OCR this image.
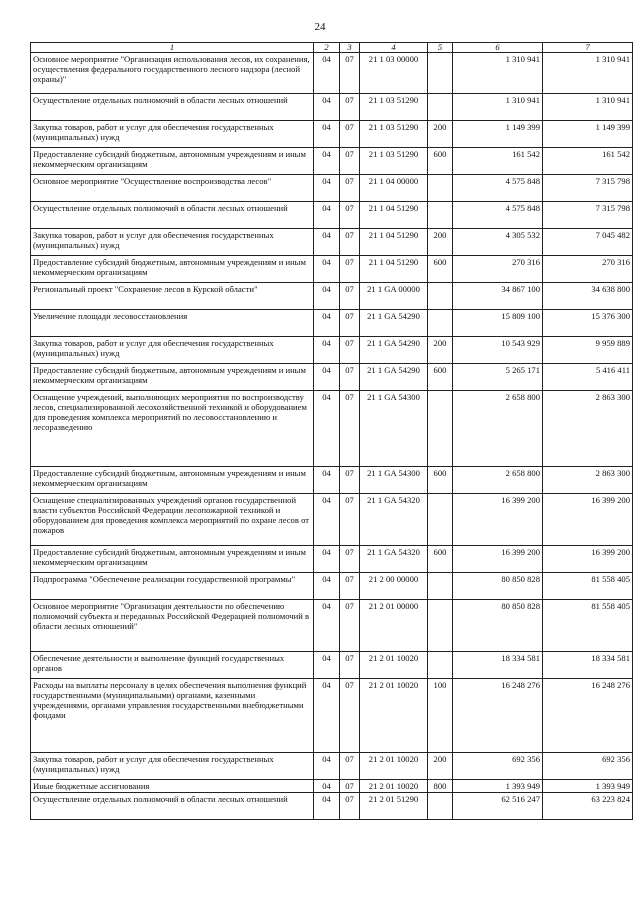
24
1	2	3	4	5	6	7
Основное мероприятие "Организация использования лесов, их сохранения, осуществления федерального государственного лесного надзора (лесной охраны)"	04	07	21 1 03 00000		1 310 941	1 310 941
Осуществление отдельных полномочий в области лесных отношений	04	07	21 1 03 51290		1 310 941	1 310 941
Закупка товаров, работ и услуг для обеспечения государственных (муниципальных) нужд	04	07	21 1 03 51290	200	1 149 399	1 149 399
Предоставление субсидий бюджетным, автономным учреждениям и иным некоммерческим организациям	04	07	21 1 03 51290	600	161 542	161 542
Основное мероприятие "Осуществление воспроизводства лесов"	04	07	21 1 04 00000		4 575 848	7 315 798
Осуществление отдельных полномочий в области лесных отношений	04	07	21 1 04 51290		4 575 848	7 315 798
Закупка товаров, работ и услуг для обеспечения государственных (муниципальных) нужд	04	07	21 1 04 51290	200	4 305 532	7 045 482
Предоставление субсидий бюджетным, автономным учреждениям и иным некоммерческим организациям	04	07	21 1 04 51290	600	270 316	270 316
Региональный проект "Сохранение лесов в Курской области"	04	07	21 1 GA 00000		34 867 100	34 638 800
Увеличение площади лесовосстановления	04	07	21 1 GA 54290		15 809 100	15 376 300
Закупка товаров, работ и услуг для обеспечения государственных (муниципальных) нужд	04	07	21 1 GA 54290	200	10 543 929	9 959 889
Предоставление субсидий бюджетным, автономным учреждениям и иным некоммерческим организациям	04	07	21 1 GA 54290	600	5 265 171	5 416 411
Оснащение учреждений, выполняющих мероприятия по воспроизводству лесов, специализированной лесохозяйственной техникой и оборудованием для проведения комплекса мероприятий по лесовосстановлению и лесоразведению	04	07	21 1 GA 54300		2 658 800	2 863 300
Предоставление субсидий бюджетным, автономным учреждениям и иным некоммерческим организациям	04	07	21 1 GA 54300	600	2 658 800	2 863 300
Оснащение специализированных учреждений органов государственной власти субъектов Российской Федерации лесопожарной техникой и оборудованием для проведения комплекса мероприятий по охране лесов от пожаров	04	07	21 1 GA 54320		16 399 200	16 399 200
Предоставление субсидий бюджетным, автономным учреждениям и иным некоммерческим организациям	04	07	21 1 GA 54320	600	16 399 200	16 399 200
Подпрограмма "Обеспечение реализации государственной программы"	04	07	21 2 00 00000		80 850 828	81 558 405
Основное мероприятие "Организация деятельности по обеспечению полномочий субъекта и переданных Российской Федерацией полномочий в области лесных отношений"	04	07	21 2 01 00000		80 850 828	81 558 405
Обеспечение деятельности и выполнение функций государственных органов	04	07	21 2 01 10020		18 334 581	18 334 581
Расходы на выплаты персоналу в целях обеспечения выполнения функций государственными (муниципальными) органами, казенными учреждениями, органами управления государственными внебюджетными фондами	04	07	21 2 01 10020	100	16 248 276	16 248 276
Закупка товаров, работ и услуг для обеспечения государственных (муниципальных) нужд	04	07	21 2 01 10020	200	692 356	692 356
Иные бюджетные ассигнования	04	07	21 2 01 10020	800	1 393 949	1 393 949
Осуществление отдельных полномочий в области лесных отношений	04	07	21 2 01 51290		62 516 247	63 223 824
